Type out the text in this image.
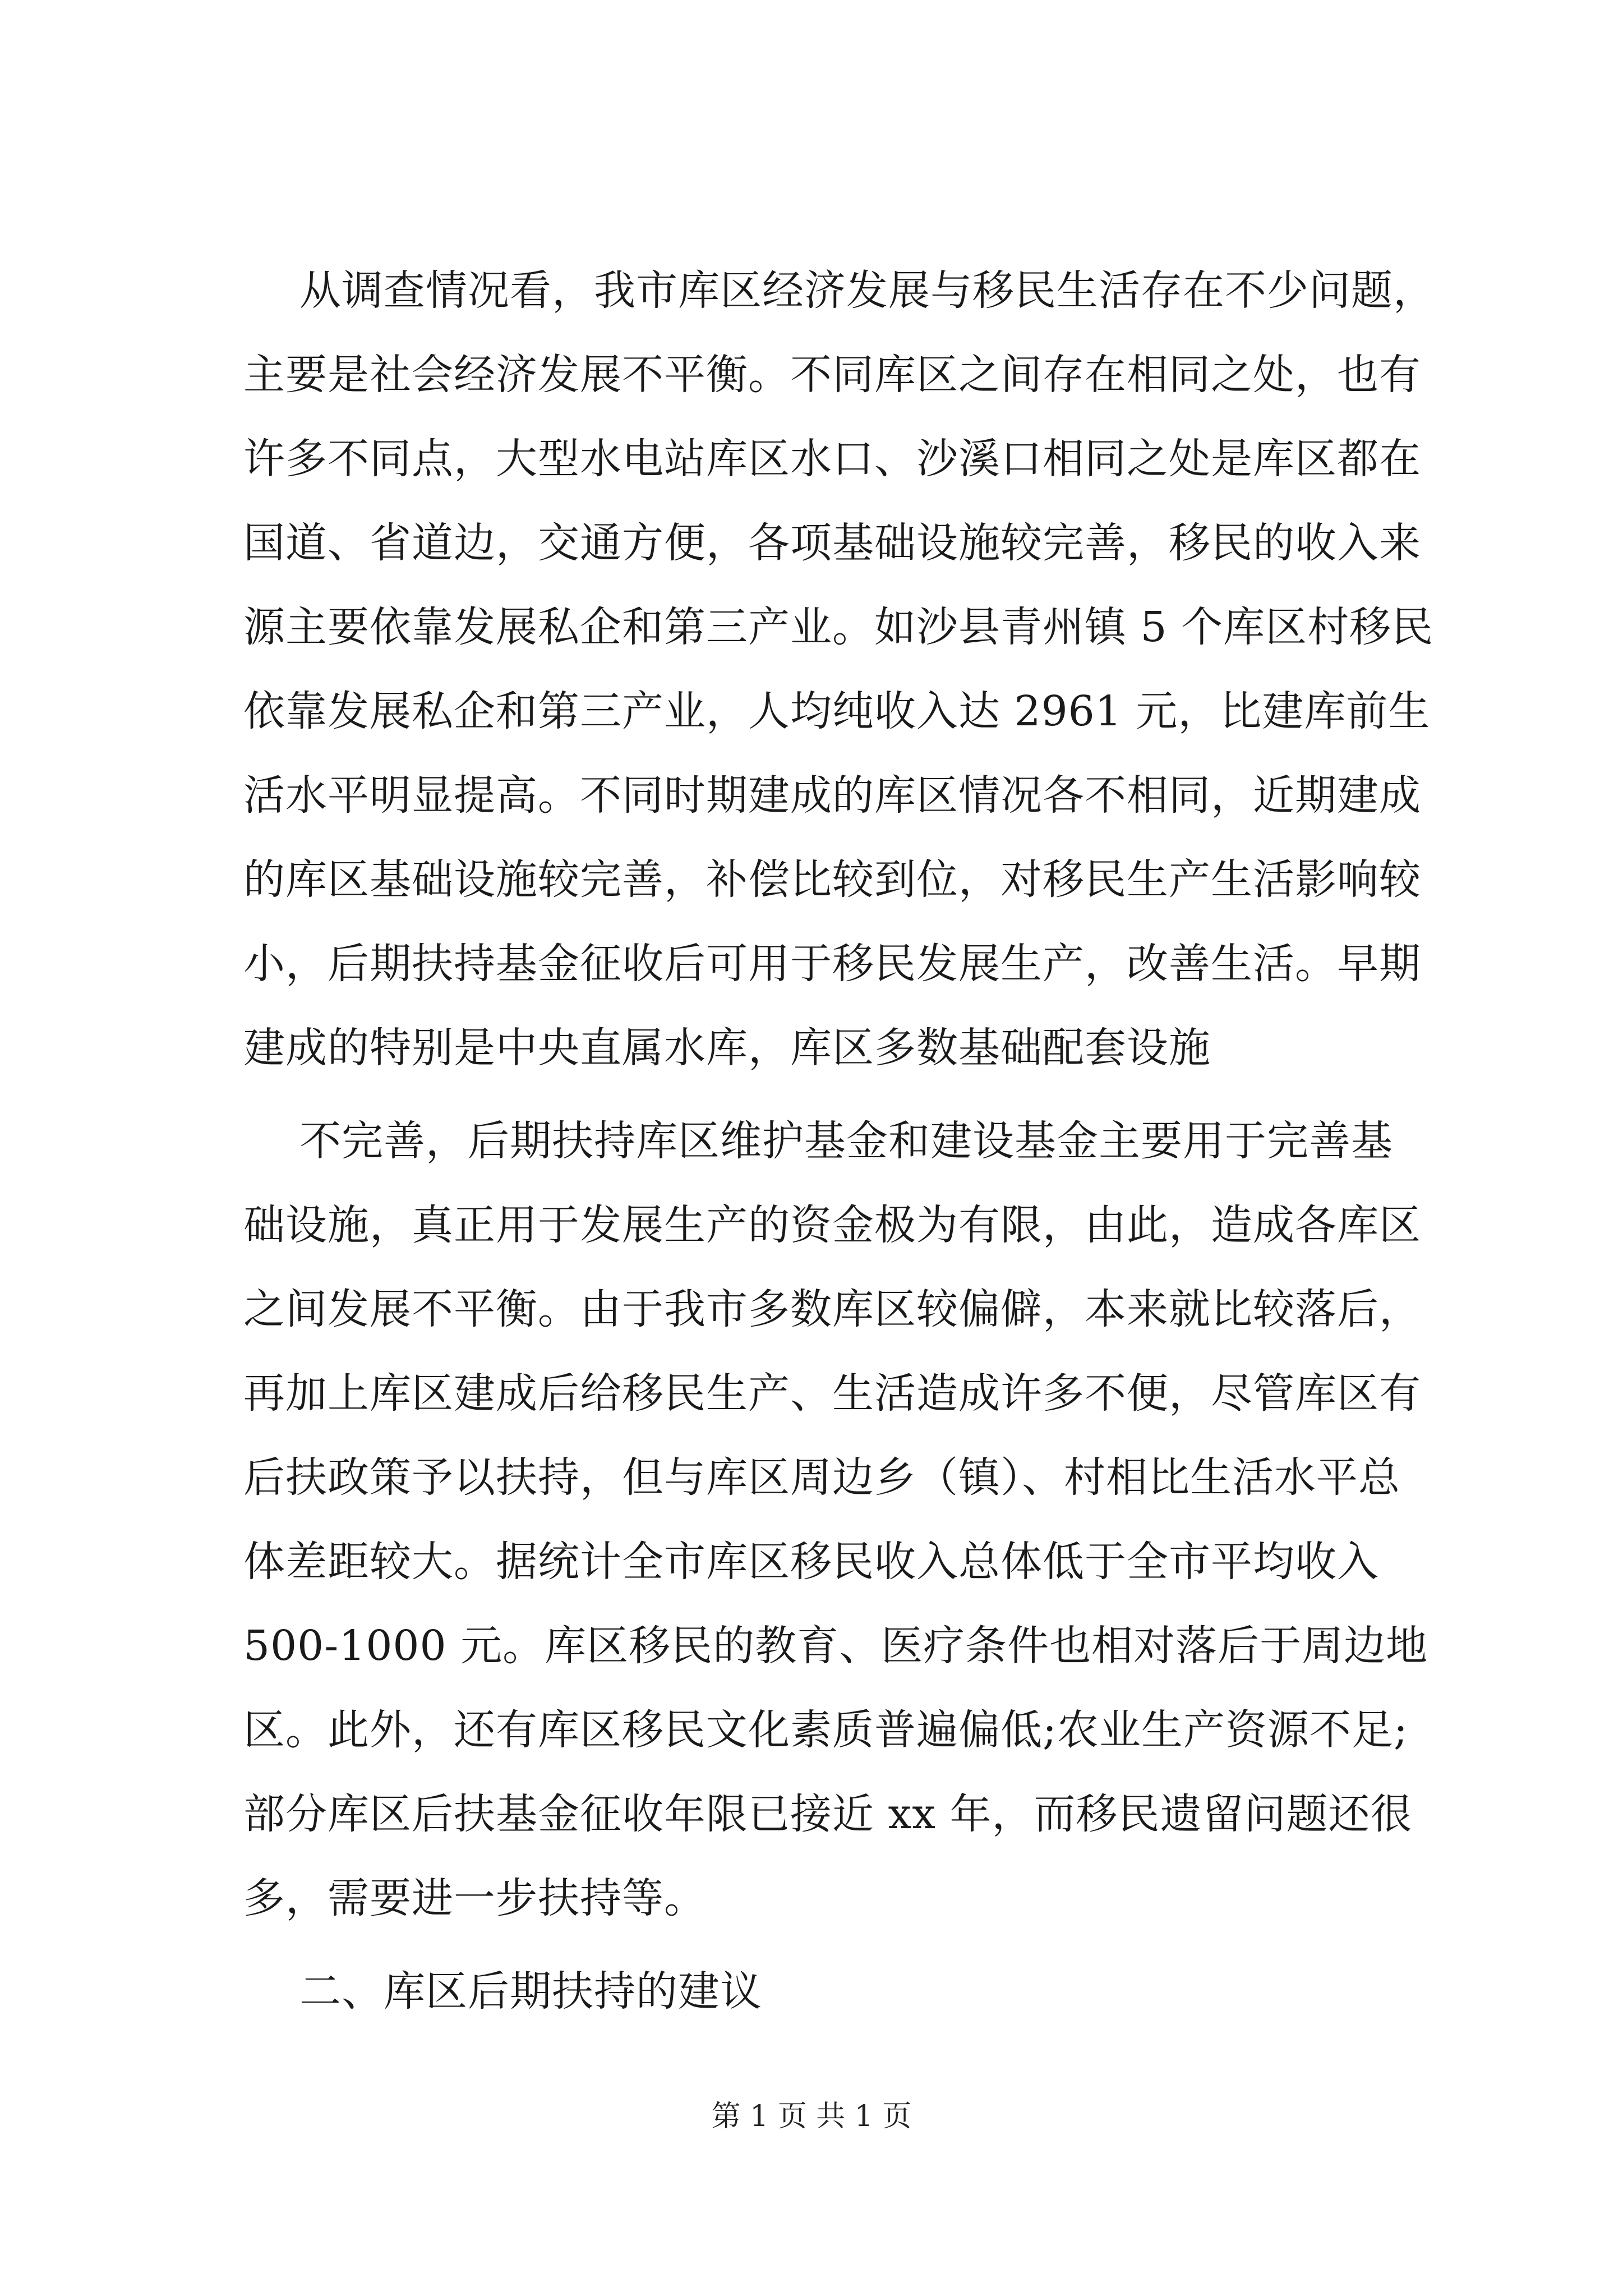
从调查情况看，我市库区经济发展与移民生活存在不少问题，
主要是社会经济发展不平衡。不同库区之间存在相同之处，也有
许多不同点，大型水电站库区水口、沙溪口相同之处是库区都在
国道、省道边，交通方便，各项基础设施较完善，移民的收入来
源主要依靠发展私企和第三产业。如沙县青州镇 5 个库区村移民
依靠发展私企和第三产业，人均纯收入达 2961 元，比建库前生
活水平明显提高。不同时期建成的库区情况各不相同，近期建成
的库区基础设施较完善，补偿比较到位，对移民生产生活影响较
小，后期扶持基金征收后可用于移民发展生产，改善生活。早期
建成的特别是中央直属水库，库区多数基础配套设施
不完善，后期扶持库区维护基金和建设基金主要用于完善基
础设施，真正用于发展生产的资金极为有限，由此，造成各库区
之间发展不平衡。由于我市多数库区较偏僻，本来就比较落后，
再加上库区建成后给移民生产、生活造成许多不便，尽管库区有
后扶政策予以扶持，但与库区周边乡（镇）、村相比生活水平总
体差距较大。据统计全市库区移民收入总体低于全市平均收入
500-1000 元。库区移民的教育、医疗条件也相对落后于周边地
区。此外，还有库区移民文化素质普遍偏低;农业生产资源不足;
部分库区后扶基金征收年限已接近 xx 年，而移民遗留问题还很
多，需要进一步扶持等。
二、库区后期扶持的建议
第 1 页 共 1 页
